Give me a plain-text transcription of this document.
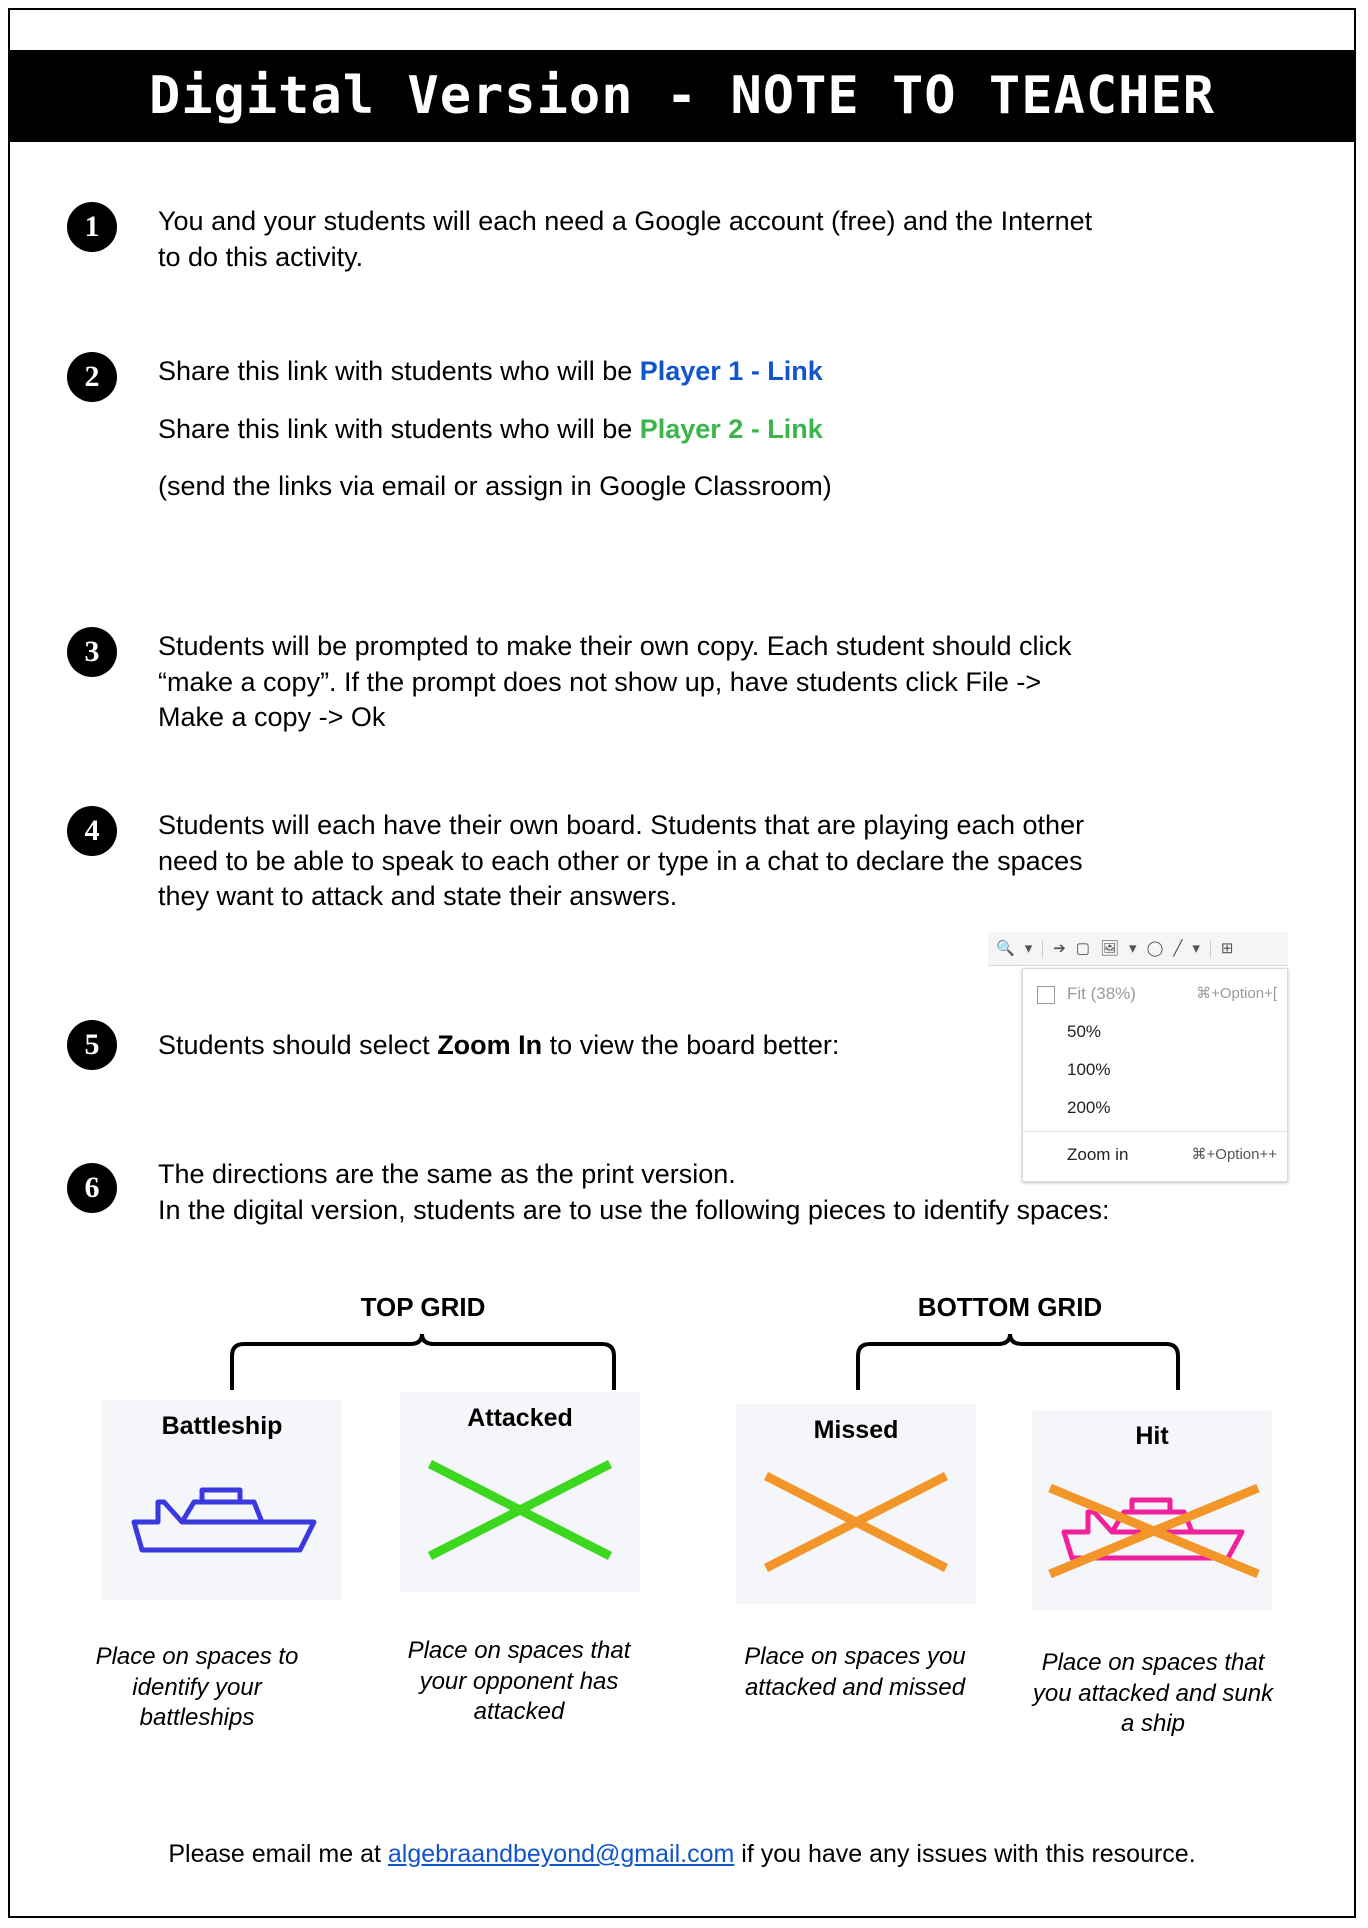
Digital Version - NOTE TO TEACHER
1	You and your students will each need a Google account (free) and the Internet
to do this activity.
2	Share this link with students who will be Player 1 - Link
Share this link with students who will be Player 2 - Link
(send the links via email or assign in Google Classroom)
3	Students will be prompted to make their own copy. Each student should click
“make a copy”. If the prompt does not show up, have students click File ->
Make a copy -> Ok
4	Students will each have their own board. Students that are playing each other
need to be able to speak to each other or type in a chat to declare the spaces
they want to attack and state their answers.
5	Students should select Zoom In to view the board better:
🔍 ▾ ➔ ▢ 🖼 ▾ ◯ ╱ ▾ ⊞
Fit (38%)	⌘+Option+[
50%
100%
200%
Zoom in	⌘+Option++
6	The directions are the same as the print version.
In the digital version, students are to use the following pieces to identify spaces:
TOP GRID	BOTTOM GRID
Battleship
Place on spaces to identify your battleships
Attacked
Place on spaces that your opponent has attacked
Missed
Place on spaces you attacked and missed
Hit
Place on spaces that you attacked and sunk a ship
Please email me at algebraandbeyond@gmail.com if you have any issues with this resource.
